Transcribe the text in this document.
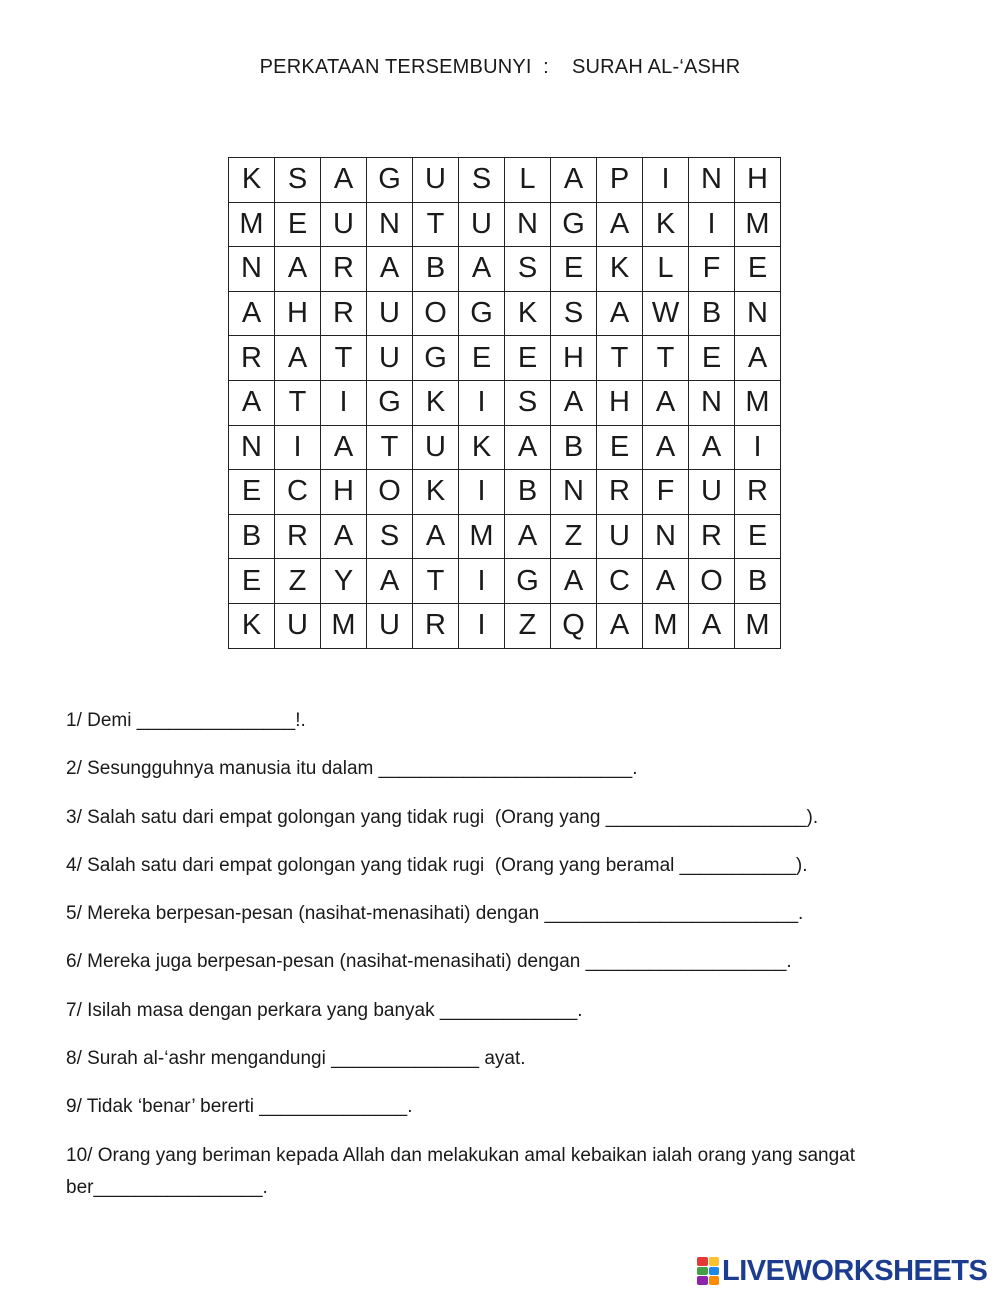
PERKATAAN TERSEMBUNYI  :    SURAH AL-‘ASHR
K	S	A	G	U	S	L	A	P	I	N	H
M	E	U	N	T	U	N	G	A	K	I	M
N	A	R	A	B	A	S	E	K	L	F	E
A	H	R	U	O	G	K	S	A	W	B	N
R	A	T	U	G	E	E	H	T	T	E	A
A	T	I	G	K	I	S	A	H	A	N	M
N	I	A	T	U	K	A	B	E	A	A	I
E	C	H	O	K	I	B	N	R	F	U	R
B	R	A	S	A	M	A	Z	U	N	R	E
E	Z	Y	A	T	I	G	A	C	A	O	B
K	U	M	U	R	I	Z	Q	A	M	A	M

1/ Demi _______________!.

2/ Sesungguhnya manusia itu dalam ________________________.

3/ Salah satu dari empat golongan yang tidak rugi  (Orang yang ___________________).

4/ Salah satu dari empat golongan yang tidak rugi  (Orang yang beramal ___________).

5/ Mereka berpesan-pesan (nasihat-menasihati) dengan ________________________.

6/ Mereka juga berpesan-pesan (nasihat-menasihati) dengan ___________________.

7/ Isilah masa dengan perkara yang banyak _____________.

8/ Surah al-‘ashr mengandungi ______________ ayat.

9/ Tidak ‘benar’ bererti ______________.

10/ Orang yang beriman kepada Allah dan melakukan amal kebaikan ialah orang yang sangat ber________________.

LIVEWORKSHEETS
